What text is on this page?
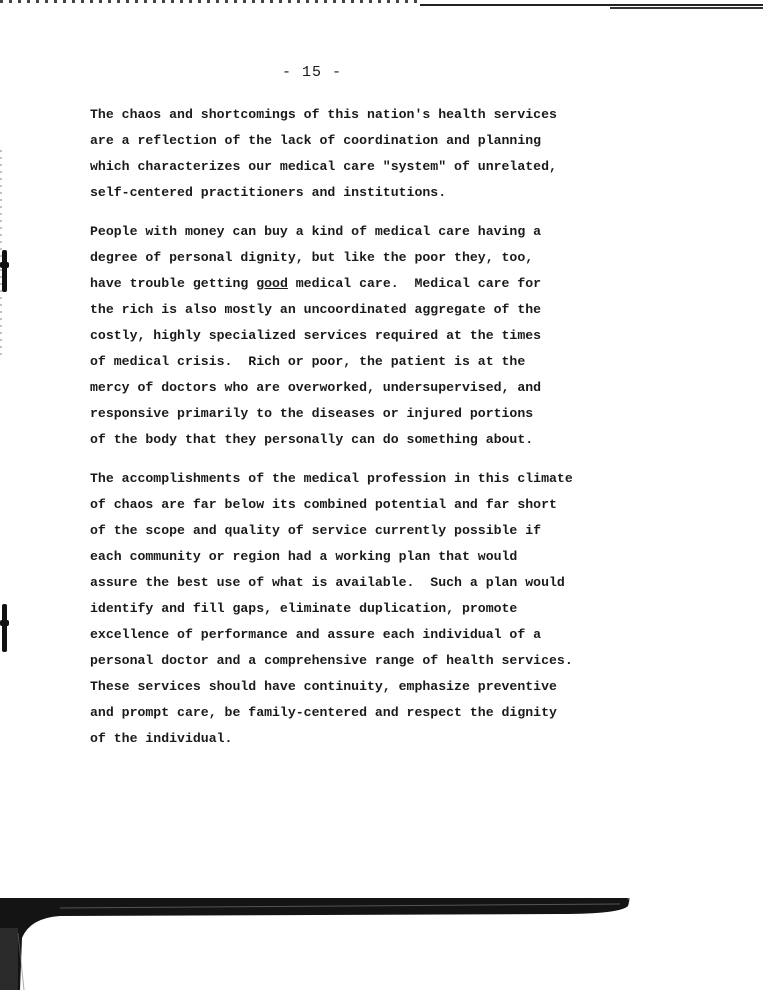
- 15 -
The chaos and shortcomings of this nation's health services
are a reflection of the lack of coordination and planning
which characterizes our medical care "system" of unrelated,
self-centered practitioners and institutions.
People with money can buy a kind of medical care having a
degree of personal dignity, but like the poor they, too,
have trouble getting good medical care.  Medical care for
the rich is also mostly an uncoordinated aggregate of the
costly, highly specialized services required at the times
of medical crisis.  Rich or poor, the patient is at the
mercy of doctors who are overworked, undersupervised, and
responsive primarily to the diseases or injured portions
of the body that they personally can do something about.
The accomplishments of the medical profession in this climate
of chaos are far below its combined potential and far short
of the scope and quality of service currently possible if
each community or region had a working plan that would
assure the best use of what is available.  Such a plan would
identify and fill gaps, eliminate duplication, promote
excellence of performance and assure each individual of a
personal doctor and a comprehensive range of health services.
These services should have continuity, emphasize preventive
and prompt care, be family-centered and respect the dignity
of the individual.
